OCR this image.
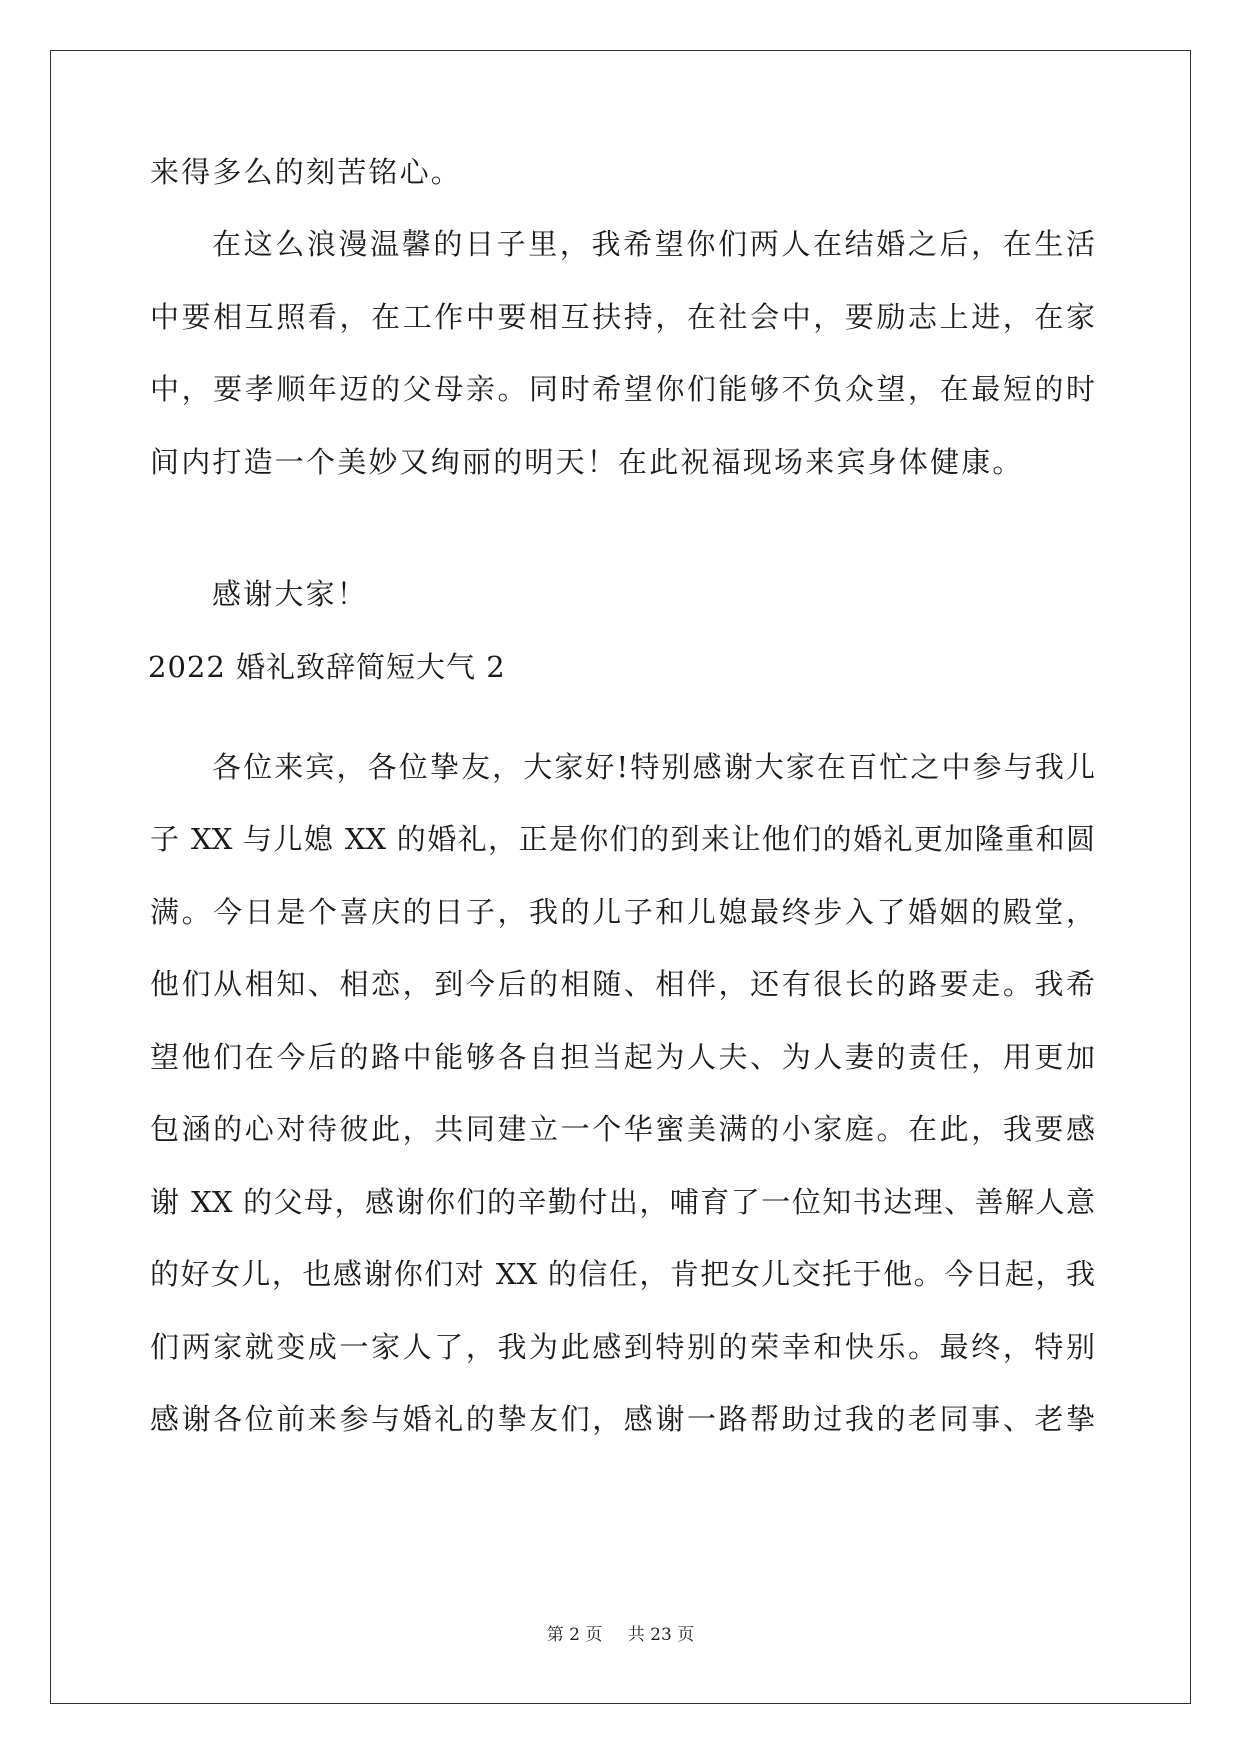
来得多么的刻苦铭心。
在这么浪漫温馨的日子里，我希望你们两人在结婚之后，在生活
中要相互照看，在工作中要相互扶持，在社会中，要励志上进，在家
中，要孝顺年迈的父母亲。同时希望你们能够不负众望，在最短的时
间内打造一个美妙又绚丽的明天！在此祝福现场来宾身体健康。
感谢大家！
2022 婚礼致辞简短大气 2
各位来宾，各位挚友，大家好!特别感谢大家在百忙之中参与我儿
子 XX 与儿媳 XX 的婚礼，正是你们的到来让他们的婚礼更加隆重和圆
满。今日是个喜庆的日子，我的儿子和儿媳最终步入了婚姻的殿堂，
他们从相知、相恋，到今后的相随、相伴，还有很长的路要走。我希
望他们在今后的路中能够各自担当起为人夫、为人妻的责任，用更加
包涵的心对待彼此，共同建立一个华蜜美满的小家庭。在此，我要感
谢 XX 的父母，感谢你们的辛勤付出，哺育了一位知书达理、善解人意
的好女儿，也感谢你们对 XX 的信任，肯把女儿交托于他。今日起，我
们两家就变成一家人了，我为此感到特别的荣幸和快乐。最终，特别
感谢各位前来参与婚礼的挚友们，感谢一路帮助过我的老同事、老挚
第 2 页 共 23 页
